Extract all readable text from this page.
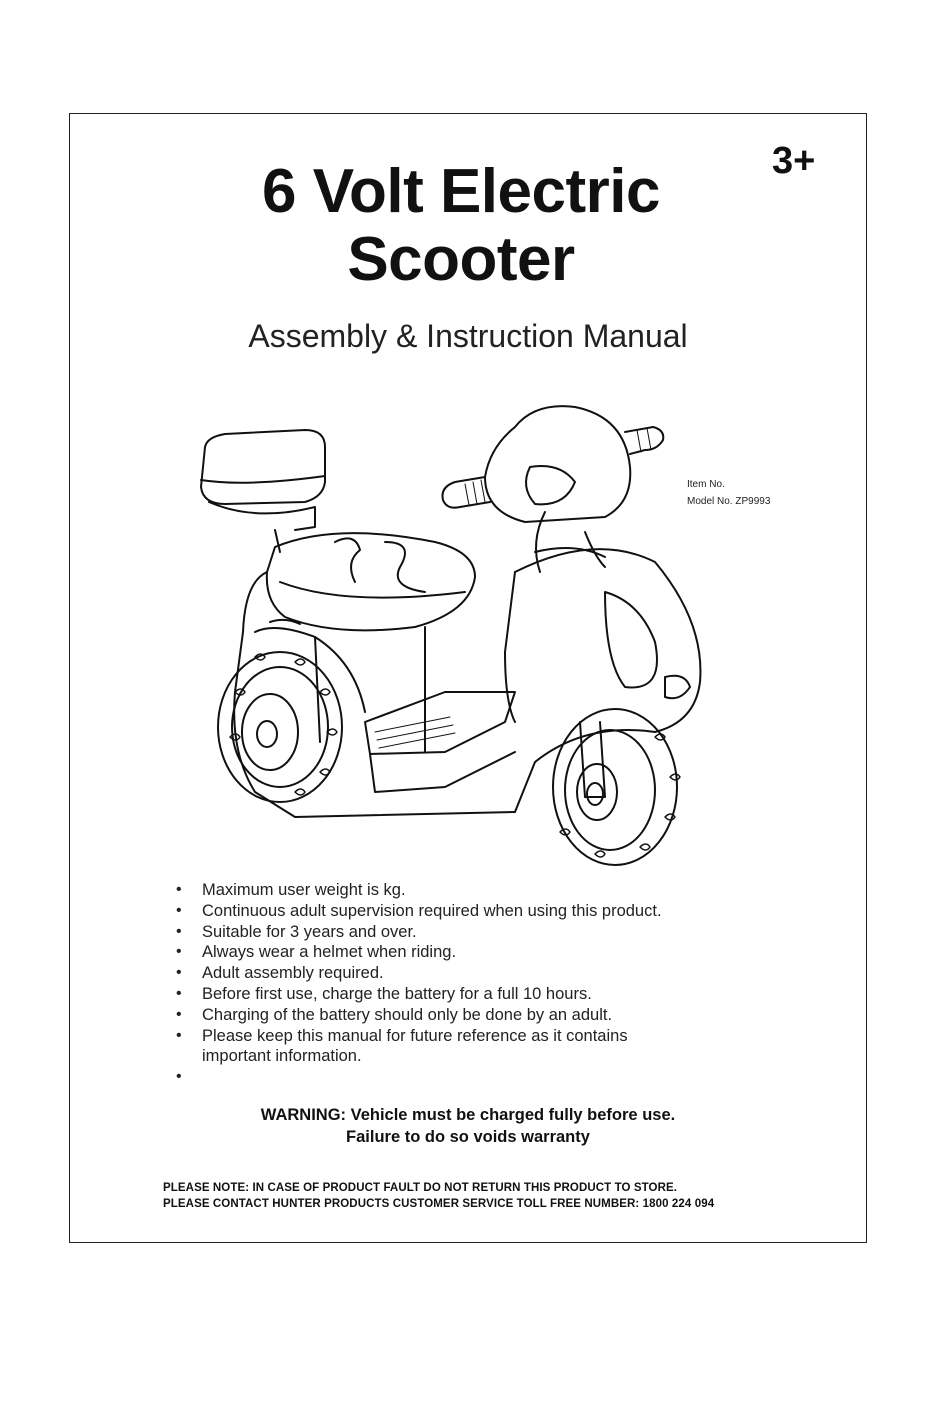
3+
6 Volt Electric
Scooter
Assembly & Instruction Manual
Item No.
Model No. ZP9993
• Maximum user weight is kg.
• Continuous adult supervision required when using this product.
• Suitable for 3 years and over.
• Always wear a helmet when riding.
• Adult assembly required.
• Before first use, charge the battery for a full 10 hours.
• Charging of the battery should only be done by an adult.
• Please keep this manual for future reference as it contains
important information.
WARNING: Vehicle must be charged fully before use.
Failure to do so voids warranty
PLEASE NOTE: IN CASE OF PRODUCT FAULT DO NOT RETURN THIS PRODUCT TO STORE.
PLEASE CONTACT HUNTER PRODUCTS CUSTOMER SERVICE TOLL FREE NUMBER: 1800 224 094
